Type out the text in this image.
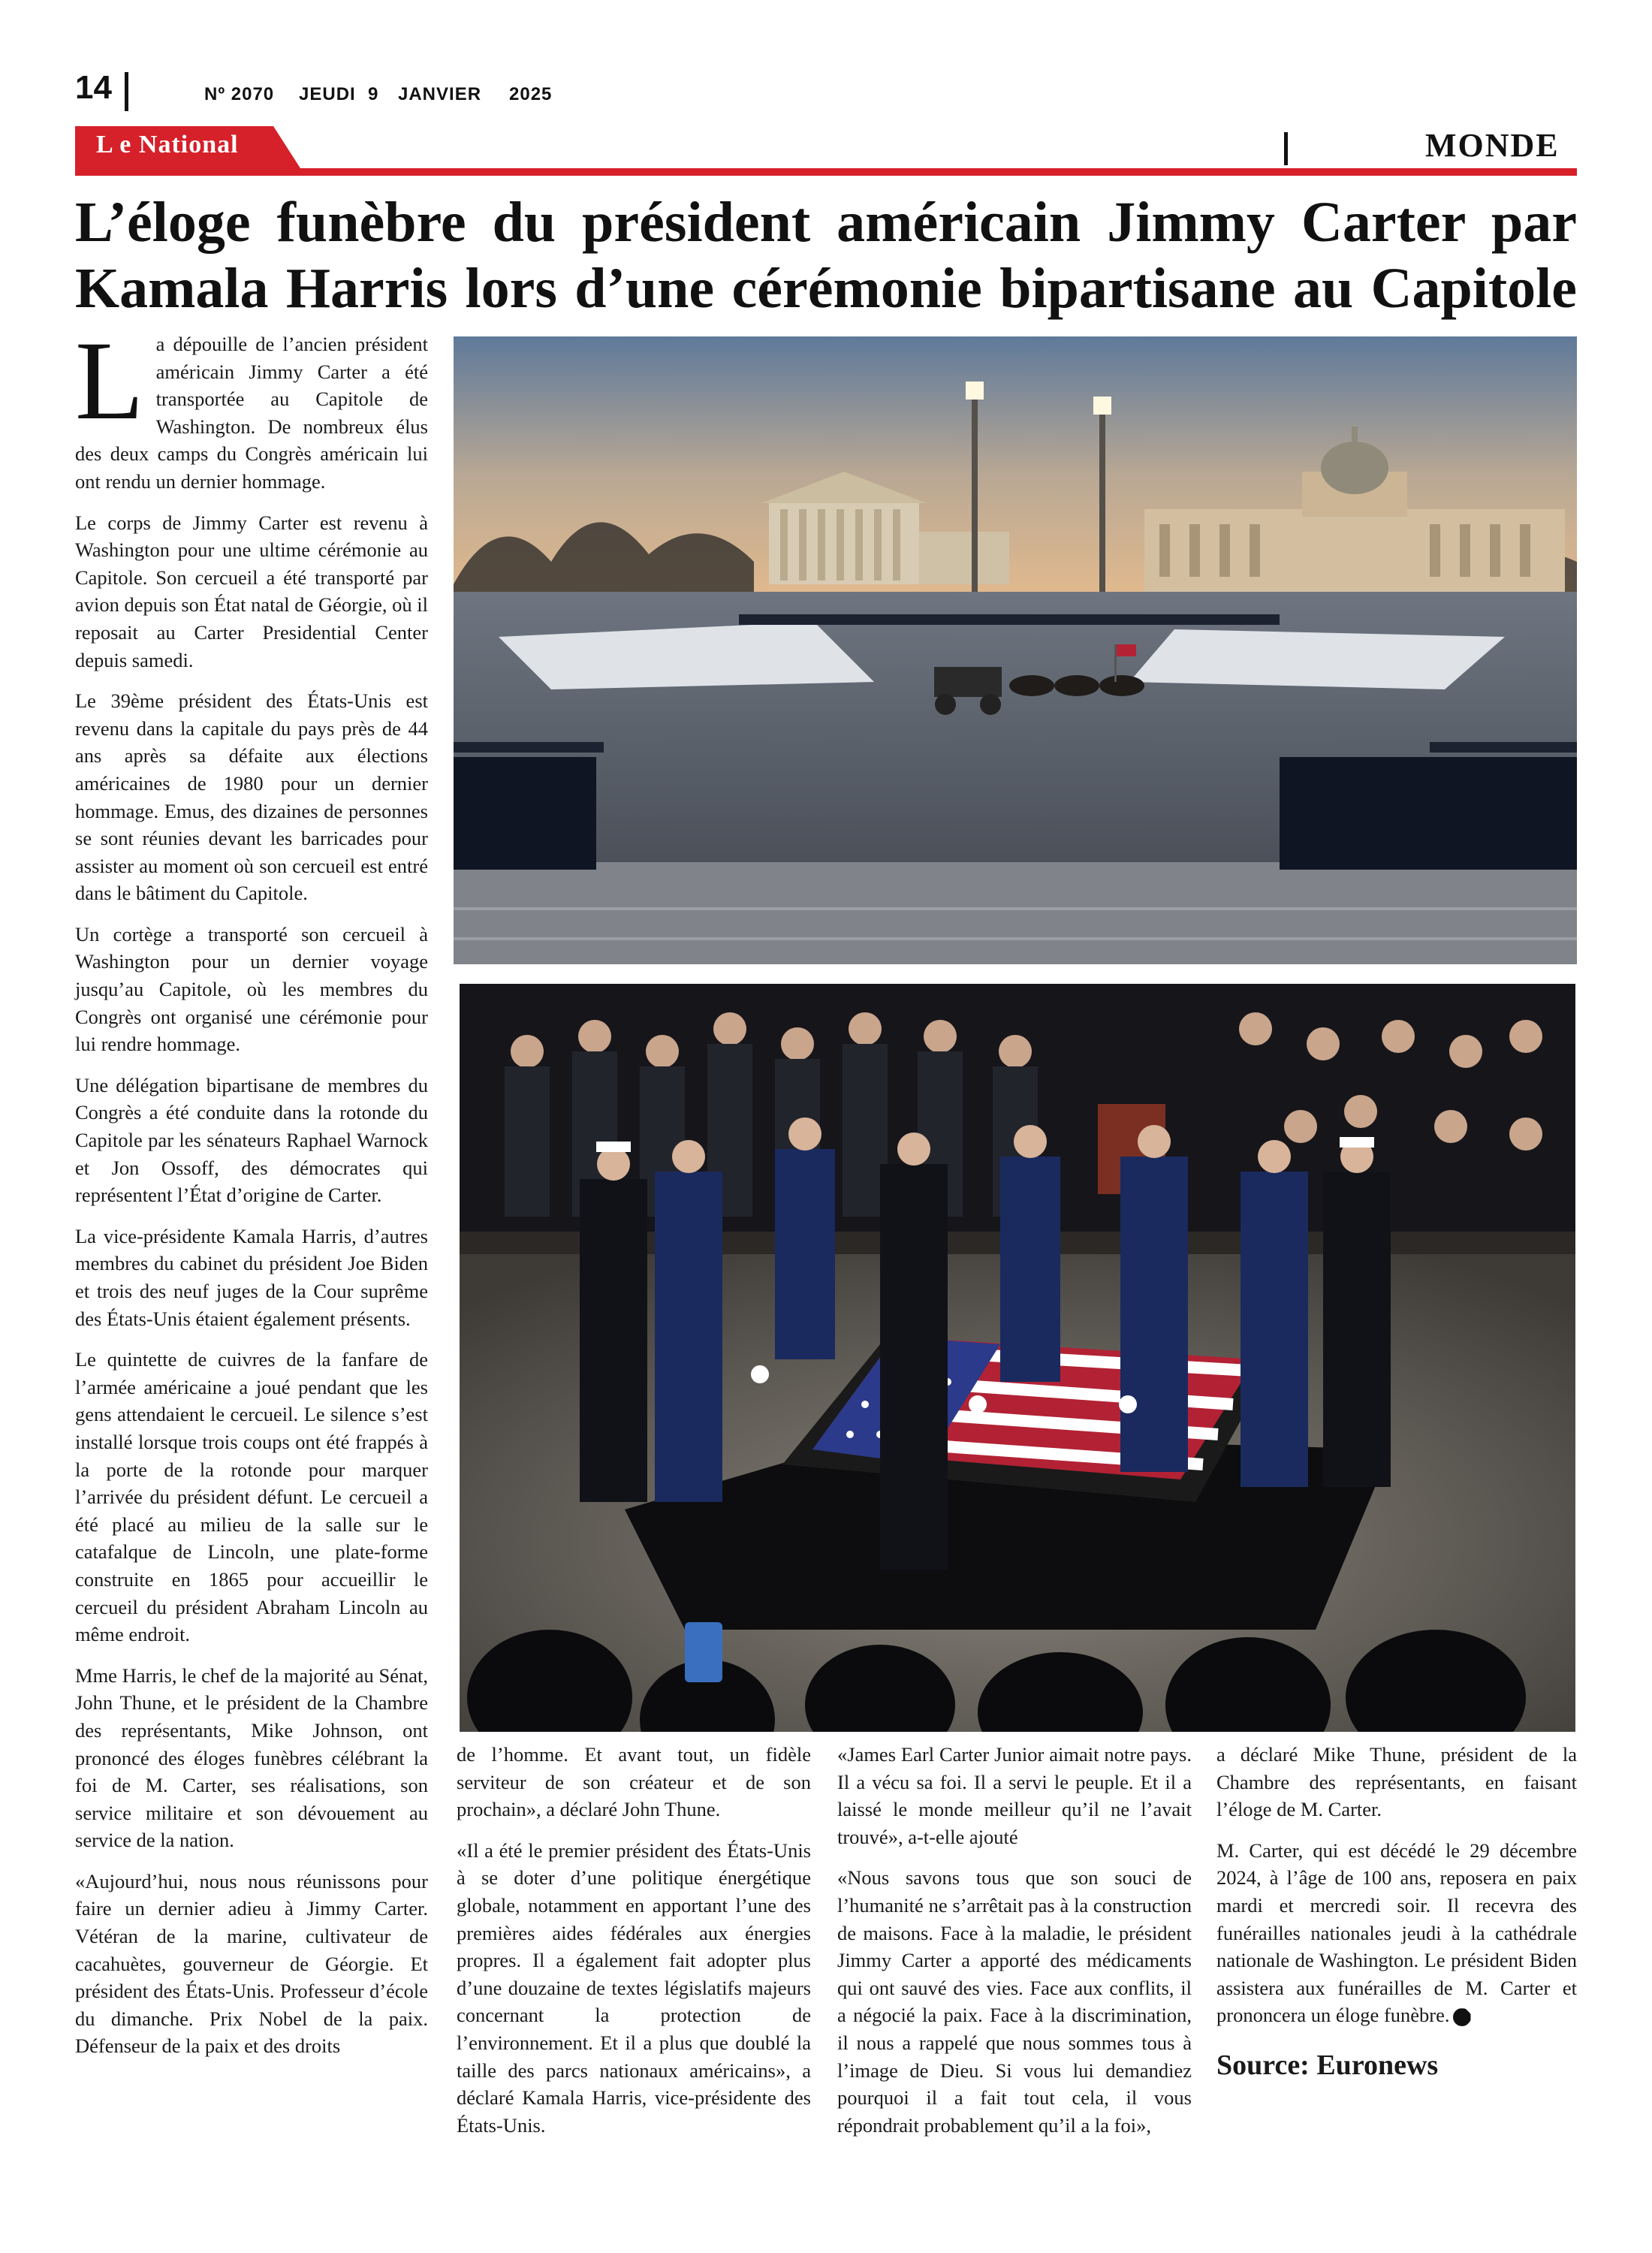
14	Nº 2070 JEUDI 9 JANVIER 2025
L e National	MONDE
L’éloge funèbre du président américain Jimmy Carter par Kamala Harris lors d’une cérémonie bipartisane au Capitole

La dépouille de l’ancien président américain Jimmy Carter a été transportée au Capitole de Washington. De nombreux élus des deux camps du Congrès américain lui ont rendu un dernier hommage.

Le corps de Jimmy Carter est revenu à Washington pour une ultime cérémonie au Capitole. Son cercueil a été transporté par avion depuis son État natal de Géorgie, où il reposait au Carter Presidential Center depuis samedi.

Le 39ème président des États-Unis est revenu dans la capitale du pays près de 44 ans après sa défaite aux élections américaines de 1980 pour un dernier hommage. Emus, des dizaines de personnes se sont réunies devant les barricades pour assister au moment où son cercueil est entré dans le bâtiment du Capitole.

Un cortège a transporté son cercueil à Washington pour un dernier voyage jusqu’au Capitole, où les membres du Congrès ont organisé une cérémonie pour lui rendre hommage.

Une délégation bipartisane de membres du Congrès a été conduite dans la rotonde du Capitole par les sénateurs Raphael Warnock et Jon Ossoff, des démocrates qui représentent l’État d’origine de Carter.

La vice-présidente Kamala Harris, d’autres membres du cabinet du président Joe Biden et trois des neuf juges de la Cour suprême des États-Unis étaient également présents.

Le quintette de cuivres de la fanfare de l’armée américaine a joué pendant que les gens attendaient le cercueil. Le silence s’est installé lorsque trois coups ont été frappés à la porte de la rotonde pour marquer l’arrivée du président défunt. Le cercueil a été placé au milieu de la salle sur le catafalque de Lincoln, une plate-forme construite en 1865 pour accueillir le cercueil du président Abraham Lincoln au même endroit.

Mme Harris, le chef de la majorité au Sénat, John Thune, et le président de la Chambre des représentants, Mike Johnson, ont prononcé des éloges funèbres célébrant la foi de M. Carter, ses réalisations, son service militaire et son dévouement au service de la nation.

«Aujourd’hui, nous nous réunissons pour faire un dernier adieu à Jimmy Carter. Vétéran de la marine, cultivateur de cacahuètes, gouverneur de Géorgie. Et président des États-Unis. Professeur d’école du dimanche. Prix Nobel de la paix. Défenseur de la paix et des droits

de l’homme. Et avant tout, un fidèle serviteur de son créateur et de son prochain», a déclaré John Thune.

«Il a été le premier président des États-Unis à se doter d’une politique énergétique globale, notamment en apportant l’une des premières aides fédérales aux énergies propres. Il a également fait adopter plus d’une douzaine de textes législatifs majeurs concernant la protection de l’environnement. Et il a plus que doublé la taille des parcs nationaux américains», a déclaré Kamala Harris, vice-présidente des États-Unis.

«James Earl Carter Junior aimait notre pays. Il a vécu sa foi. Il a servi le peuple. Et il a laissé le monde meilleur qu’il ne l’avait trouvé», a-t-elle ajouté

«Nous savons tous que son souci de l’humanité ne s’arrêtait pas à la construction de maisons. Face à la maladie, le président Jimmy Carter a apporté des médicaments qui ont sauvé des vies. Face aux conflits, il a négocié la paix. Face à la discrimination, il nous a rappelé que nous sommes tous à l’image de Dieu. Si vous lui demandiez pourquoi il a fait tout cela, il vous répondrait probablement qu’il a la foi»,

a déclaré Mike Thune, président de la Chambre des représentants, en faisant l’éloge de M. Carter.

M. Carter, qui est décédé le 29 décembre 2024, à l’âge de 100 ans, reposera en paix mardi et mercredi soir. Il recevra des funérailles nationales jeudi à la cathédrale nationale de Washington. Le président Biden assistera aux funérailles de M. Carter et prononcera un éloge funèbre.

Source: Euronews
